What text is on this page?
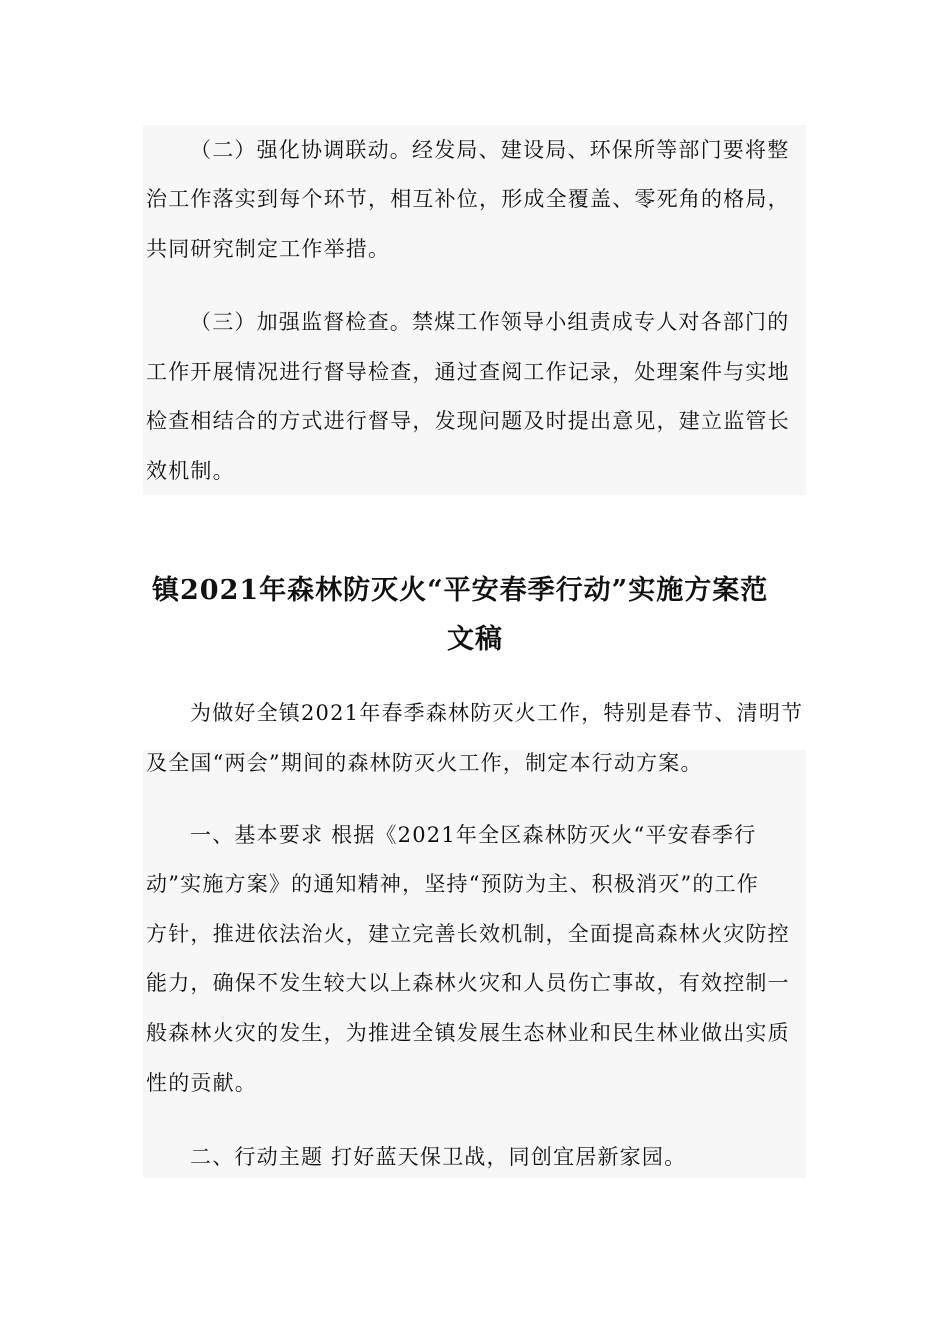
（二）强化协调联动。经发局、建设局、环保所等部门要将整
治工作落实到每个环节，相互补位，形成全覆盖、零死角的格局，
共同研究制定工作举措。
（三）加强监督检查。禁煤工作领导小组责成专人对各部门的
工作开展情况进行督导检查，通过查阅工作记录，处理案件与实地
检查相结合的方式进行督导，发现问题及时提出意见，建立监管长
效机制。
镇2021年森林防灭火“平安春季行动”实施方案范
文稿
为做好全镇2021年春季森林防灭火工作，特别是春节、清明节
及全国“两会”期间的森林防灭火工作，制定本行动方案。
一、基本要求 根据《2021年全区森林防灭火“平安春季行
动”实施方案》的通知精神，坚持“预防为主、积极消灭”的工作
方针，推进依法治火，建立完善长效机制，全面提高森林火灾防控
能力，确保不发生较大以上森林火灾和人员伤亡事故，有效控制一
般森林火灾的发生，为推进全镇发展生态林业和民生林业做出实质
性的贡献。
二、行动主题 打好蓝天保卫战，同创宜居新家园。
